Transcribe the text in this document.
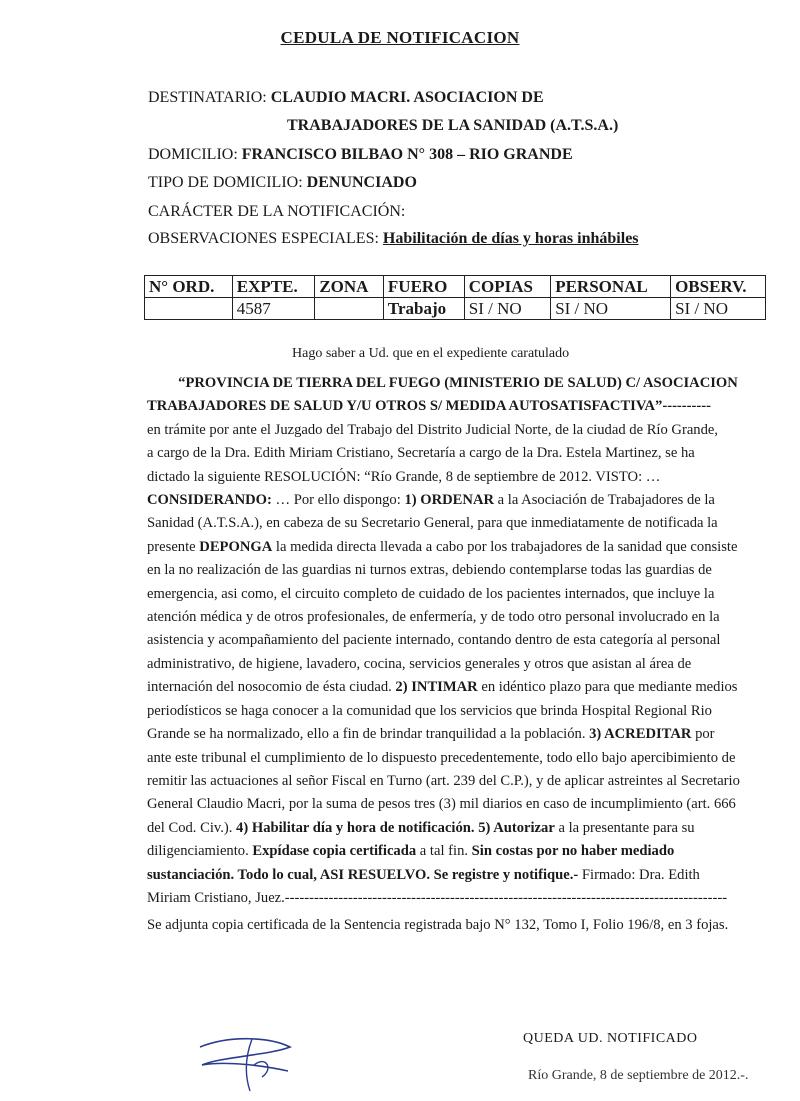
CEDULA DE NOTIFICACION
DESTINATARIO: CLAUDIO MACRI. ASOCIACION DE
TRABAJADORES DE LA SANIDAD (A.T.S.A.)
DOMICILIO: FRANCISCO BILBAO N° 308 – RIO GRANDE
TIPO DE DOMICILIO: DENUNCIADO
CARÁCTER DE LA NOTIFICACIÓN:
OBSERVACIONES ESPECIALES: Habilitación de días y horas inhábiles
N° ORD.	EXPTE.	ZONA	FUERO	COPIAS	PERSONAL	OBSERV.
	4587		Trabajo	SI / NO	SI / NO	SI / NO
Hago saber a Ud. que en el expediente caratulado
“PROVINCIA DE TIERRA DEL FUEGO (MINISTERIO DE SALUD) C/ ASOCIACION
TRABAJADORES DE SALUD Y/U OTROS S/ MEDIDA AUTOSATISFACTIVA”----------
en trámite por ante el Juzgado del Trabajo del Distrito Judicial Norte, de la ciudad de Río Grande,
a cargo de la Dra. Edith Miriam Cristiano, Secretaría a cargo de la Dra. Estela Martinez, se ha
dictado la siguiente RESOLUCIÓN: “Río Grande, 8 de septiembre de 2012. VISTO: …
CONSIDERANDO: … Por ello dispongo: 1) ORDENAR a la Asociación de Trabajadores de la
Sanidad (A.T.S.A.), en cabeza de su Secretario General, para que inmediatamente de notificada la
presente DEPONGA la medida directa llevada a cabo por los trabajadores de la sanidad que consiste
en la no realización de las guardias ni turnos extras, debiendo contemplarse todas las guardias de
emergencia, asi como, el circuito completo de cuidado de los pacientes internados, que incluye la
atención médica y de otros profesionales, de enfermería, y de todo otro personal involucrado en la
asistencia y acompañamiento del paciente internado, contando dentro de esta categoría al personal
administrativo, de higiene, lavadero, cocina, servicios generales y otros que asistan al área de
internación del nosocomio de ésta ciudad. 2) INTIMAR en idéntico plazo para que mediante medios
periodísticos se haga conocer a la comunidad que los servicios que brinda Hospital Regional Rio
Grande se ha normalizado, ello a fin de brindar tranquilidad a la población. 3) ACREDITAR por
ante este tribunal el cumplimiento de lo dispuesto precedentemente, todo ello bajo apercibimiento de
remitir las actuaciones al señor Fiscal en Turno (art. 239 del C.P.), y de aplicar astreintes al Secretario
General Claudio Macri, por la suma de pesos tres (3) mil diarios en caso de incumplimiento (art. 666
del Cod. Civ.). 4) Habilitar día y hora de notificación. 5) Autorizar a la presentante para su
diligenciamiento. Expídase copia certificada a tal fin. Sin costas por no haber mediado
sustanciación. Todo lo cual, ASI RESUELVO. Se registre y notifique.- Firmado: Dra. Edith
Miriam Cristiano, Juez.-------------------------------------------------------------------------------------------
Se adjunta copia certificada de la Sentencia registrada bajo N° 132, Tomo I, Folio 196/8, en 3 fojas.
QUEDA UD. NOTIFICADO
Río Grande, 8 de septiembre de 2012.-.
